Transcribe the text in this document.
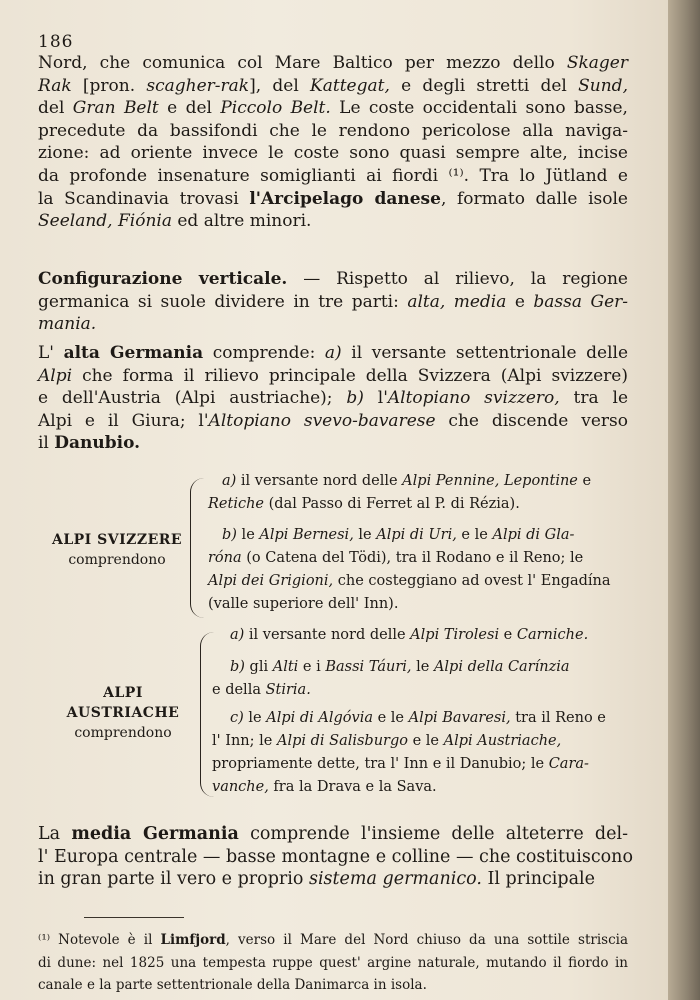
186
Nord, che comunica col Mare Baltico per mezzo dello Skager
Rak [pron. scagher-rak], del Kattegat, e degli stretti del Sund,
del Gran Belt e del Piccolo Belt. Le coste occidentali sono basse,
precedute da bassifondi che le rendono pericolose alla naviga-
zione: ad oriente invece le coste sono quasi sempre alte, incise
da profonde insenature somiglianti ai fiordi ⁽¹⁾. Tra lo Jütland e
la Scandinavia trovasi l'Arcipelago danese, formato dalle isole
Seeland, Fiónia ed altre minori.
Configurazione verticale. — Rispetto al rilievo, la regione
germanica si suole dividere in tre parti: alta, media e bassa Ger-
mania.
L' alta Germania comprende: a) il versante settentrionale delle
Alpi che forma il rilievo principale della Svizzera (Alpi svizzere)
e dell'Austria (Alpi austriache); b) l'Altopiano svizzero, tra le
Alpi e il Giura; l'Altopiano svevo-bavarese che discende verso
il Danubio.
ALPI SVIZZERE
comprendono
a) il versante nord delle Alpi Pennine, Lepontine e
Retiche (dal Passo di Ferret al P. di Rézia).
b) le Alpi Bernesi, le Alpi di Uri, e le Alpi di Gla-
róna (o Catena del Tödi), tra il Rodano e il Reno; le
Alpi dei Grigioni, che costeggiano ad ovest l' Engadína
(valle superiore dell' Inn).
ALPI
AUSTRIACHE
comprendono
a) il versante nord delle Alpi Tirolesi e Carniche.
b) gli Alti e i Bassi Táuri, le Alpi della Carínzia
e della Stiria.
c) le Alpi di Algóvia e le Alpi Bavaresi, tra il Reno e
l' Inn; le Alpi di Salisburgo e le Alpi Austriache,
propriamente dette, tra l' Inn e il Danubio; le Cara-
vanche, fra la Drava e la Sava.
La media Germania comprende l'insieme delle alteterre del-
l' Europa centrale — basse montagne e colline — che costituiscono
in gran parte il vero e proprio sistema germanico. Il principale
⁽¹⁾ Notevole è il Limfjord, verso il Mare del Nord chiuso da una sottile striscia
di dune: nel 1825 una tempesta ruppe quest' argine naturale, mutando il fiordo in
canale e la parte settentrionale della Danimarca in isola.
